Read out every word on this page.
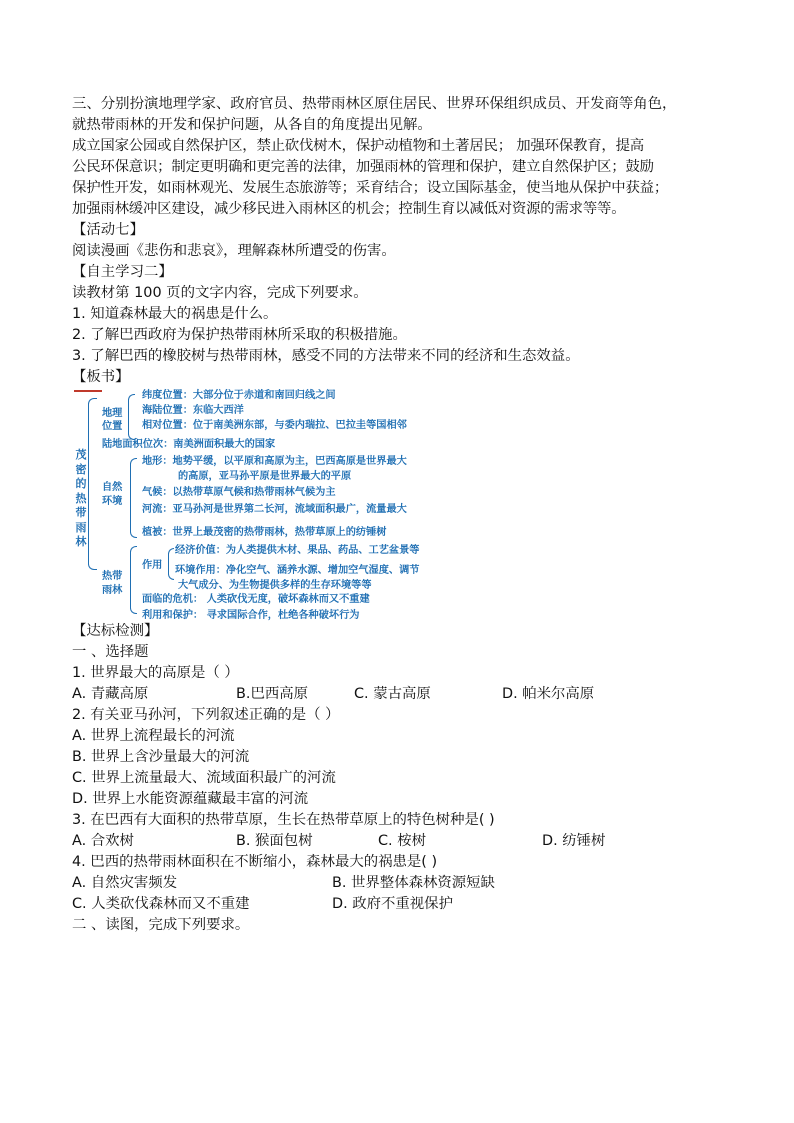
三、分别扮演地理学家、政府官员、热带雨林区原住居民、世界环保组织成员、开发商等角色，
就热带雨林的开发和保护问题，从各自的角度提出见解。
成立国家公园或自然保护区，禁止砍伐树木，保护动植物和土著居民； 加强环保教育，提高
公民环保意识；制定更明确和更完善的法律，加强雨林的管理和保护，建立自然保护区；鼓励
保护性开发，如雨林观光、发展生态旅游等；采育结合；设立国际基金，使当地从保护中获益；
加强雨林缓冲区建设，减少移民进入雨林区的机会；控制生育以减低对资源的需求等等。
【活动七】
阅读漫画《悲伤和悲哀》，理解森林所遭受的伤害。
【自主学习二】
读教材第 100 页的文字内容，完成下列要求。
1. 知道森林最大的祸患是什么。
2. 了解巴西政府为保护热带雨林所采取的积极措施。
3. 了解巴西的橡胶树与热带雨林，感受不同的方法带来不同的经济和生态效益。
【板书】
茂密的热带雨林
地理
位置
纬度位置：大部分位于赤道和南回归线之间
海陆位置：东临大西洋
相对位置：位于南美洲东部，与委内瑞拉、巴拉圭等国相邻
陆地面积位次：南美洲面积最大的国家
自然
环境
地形：地势平缓，以平原和高原为主，巴西高原是世界最大
的高原，亚马孙平原是世界最大的平原
气候：以热带草原气候和热带雨林气候为主
河流：亚马孙河是世界第二长河，流域面积最广，流量最大
植被：世界上最茂密的热带雨林，热带草原上的纺锤树
热带
雨林
作用
经济价值：为人类提供木材、果品、药品、工艺盆景等
环境作用：净化空气、涵养水源、增加空气湿度、调节
大气成分、为生物提供多样的生存环境等等
面临的危机： 人类砍伐无度，破坏森林而又不重建
利用和保护： 寻求国际合作，杜绝各种破坏行为
【达标检测】
一 、选择题
1. 世界最大的高原是（ ）
A. 青藏高原	B.巴西高原	C. 蒙古高原	D. 帕米尔高原
2. 有关亚马孙河，下列叙述正确的是（ ）
A. 世界上流程最长的河流
B. 世界上含沙量最大的河流
C. 世界上流量最大、流域面积最广的河流
D. 世界上水能资源蕴藏最丰富的河流
3. 在巴西有大面积的热带草原，生长在热带草原上的特色树种是( )
A. 合欢树	B. 猴面包树	C. 桉树	D. 纺锤树
4. 巴西的热带雨林面积在不断缩小，森林最大的祸患是( )
A. 自然灾害频发	B. 世界整体森林资源短缺
C. 人类砍伐森林而又不重建	D. 政府不重视保护
二 、读图，完成下列要求。
